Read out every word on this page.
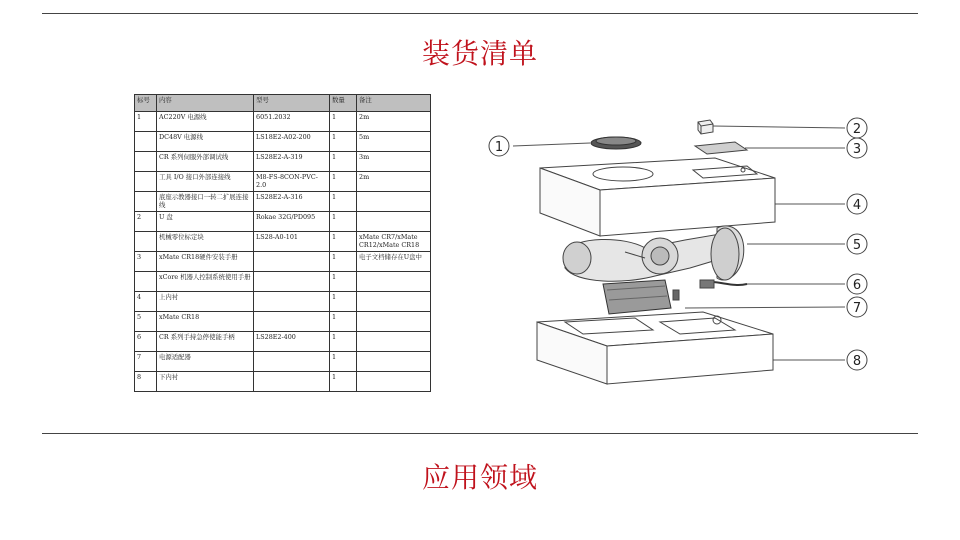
装货清单
标号	内容	型号	数量	备注
1	AC220V 电源线	6051.2032	1	2m
	DC48V 电源线	LS18E2-A02-200	1	5m
	CR 系列伺服外部调试线	LS28E2-A-319	1	3m
	工具 I/O 接口外部连接线	M8-FS-8CON-PVC-2.0	1	2m
	底座示教器接口一转二扩展连接线	LS28E2-A-316	1	
2	U 盘	Rokae 32G/PD095	1	
	机械零位标定块	LS28-A0-101	1	xMate CR7/xMate CR12/xMate CR18
3	xMate CR18硬件安装手册		1	电子文档储存在U盘中
	xCore 机器人控制系统使用手册		1	
4	上内衬		1	
5	xMate CR18		1	
6	CR 系列手持急停使能手柄	LS28E2-400	1	
7	电源适配器		1	
8	下内衬		1	
1
2
3
4
5
6
7
8
应用领域
